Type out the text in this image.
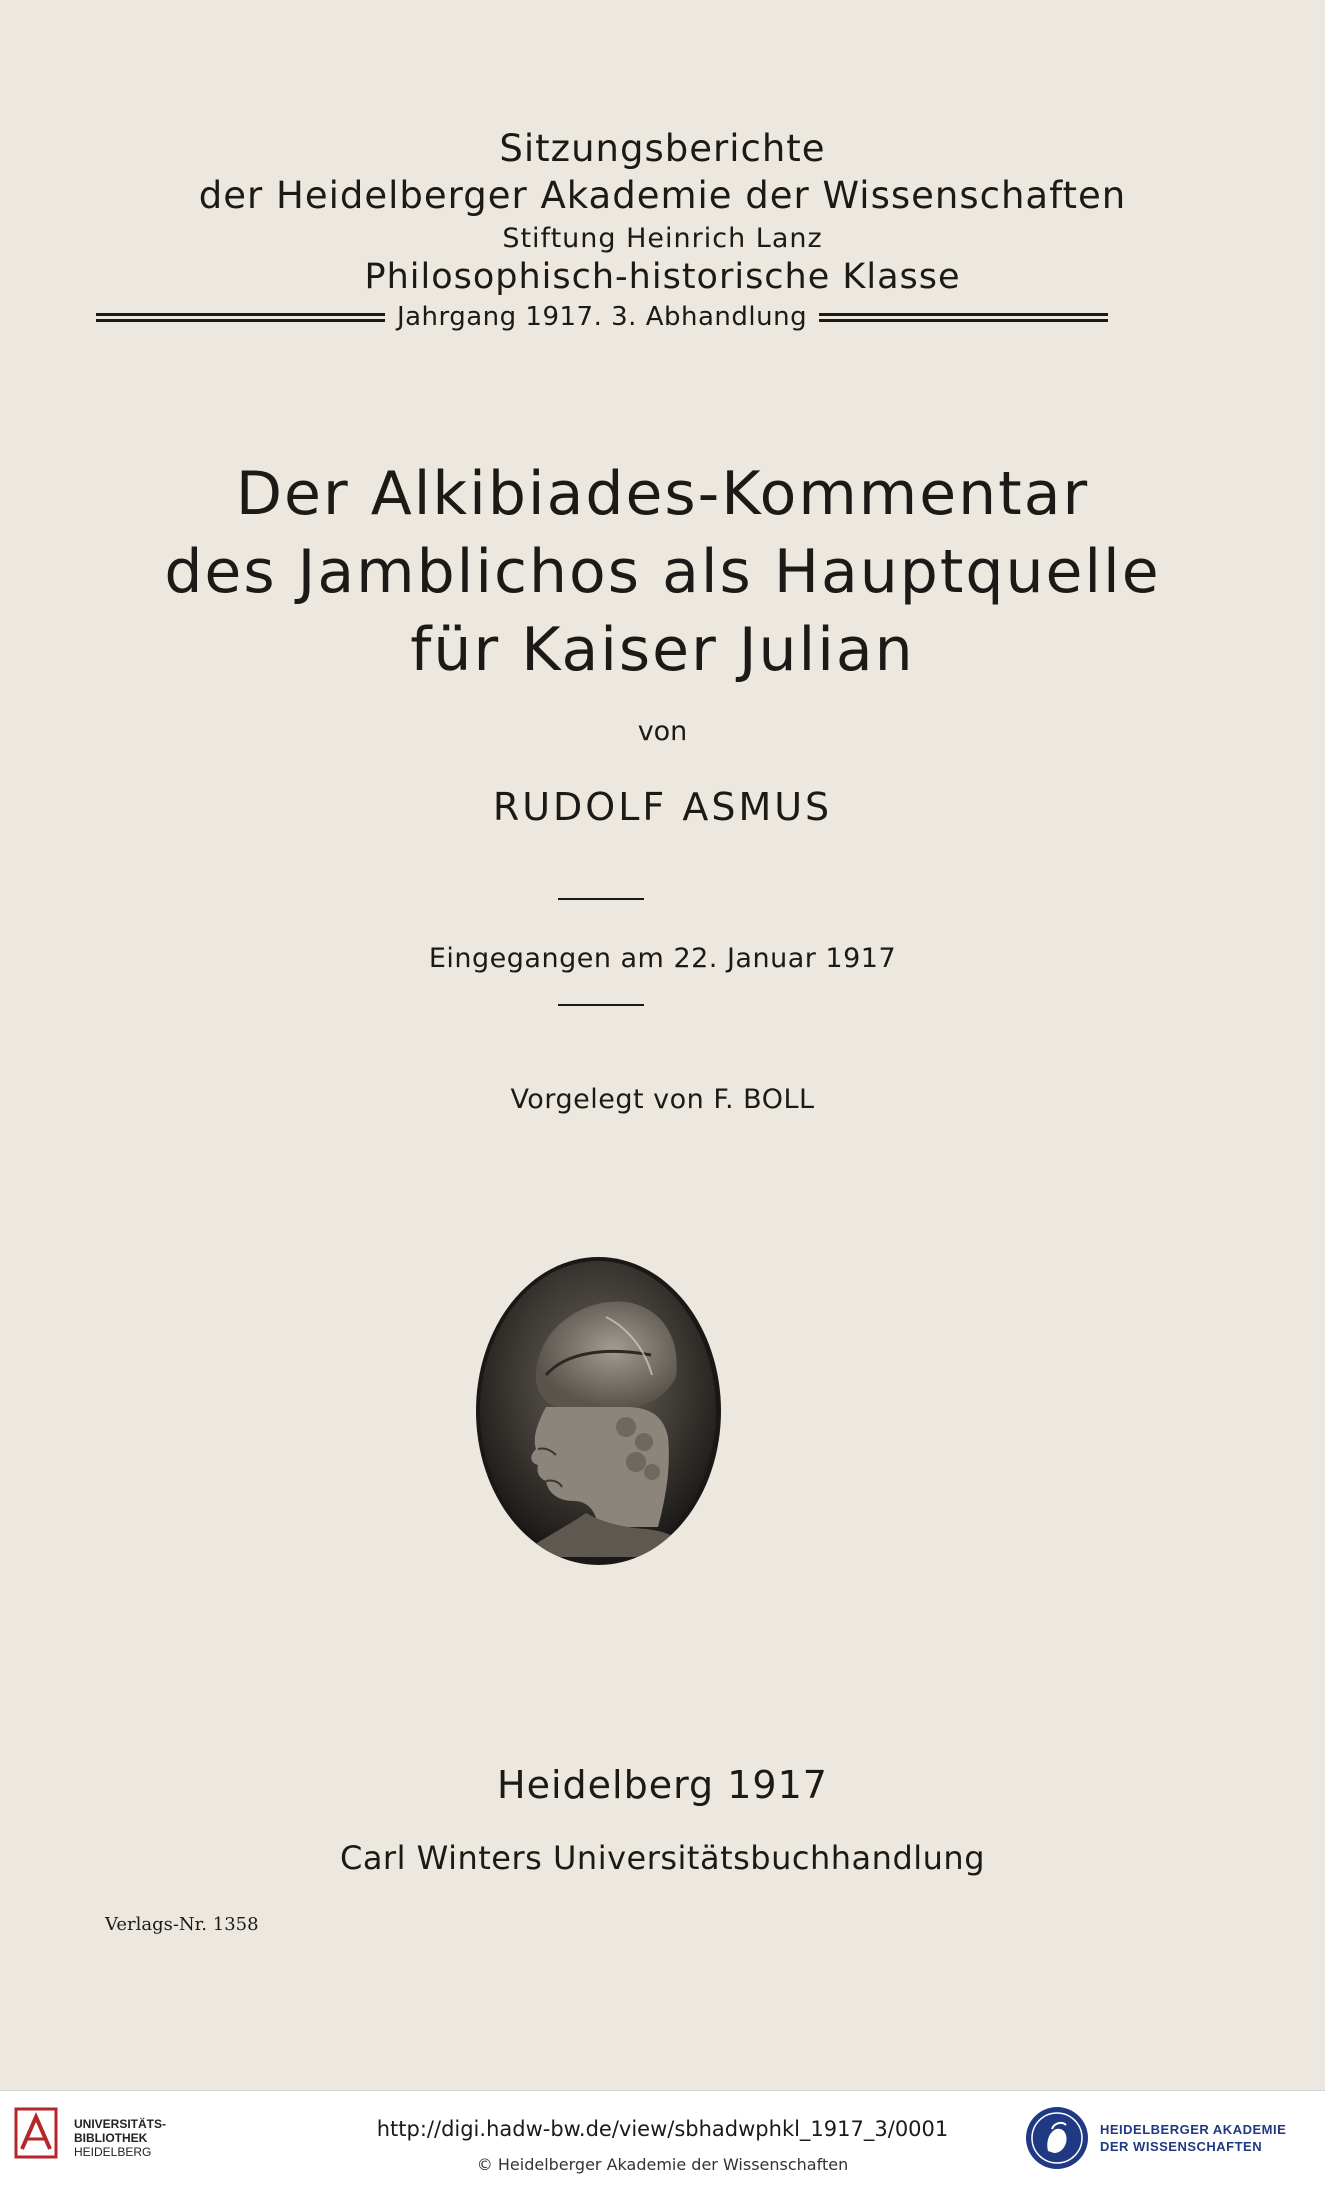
Sitzungsberichte
der Heidelberger Akademie der Wissenschaften
Stiftung Heinrich Lanz
Philosophisch-historische Klasse
Jahrgang 1917. 3. Abhandlung
Der Alkibiades-Kommentar
des Jamblichos als Hauptquelle
für Kaiser Julian
von
RUDOLF ASMUS
Eingegangen am 22. Januar 1917
Vorgelegt von F. BOLL
Heidelberg 1917
Carl Winters Universitätsbuchhandlung
Verlags-Nr. 1358
UNIVERSITÄTS-
BIBLIOTHEK
HEIDELBERG
http://digi.hadw-bw.de/view/sbhadwphkl_1917_3/0001
© Heidelberger Akademie der Wissenschaften
HEIDELBERGER AKADEMIE
DER WISSENSCHAFTEN
